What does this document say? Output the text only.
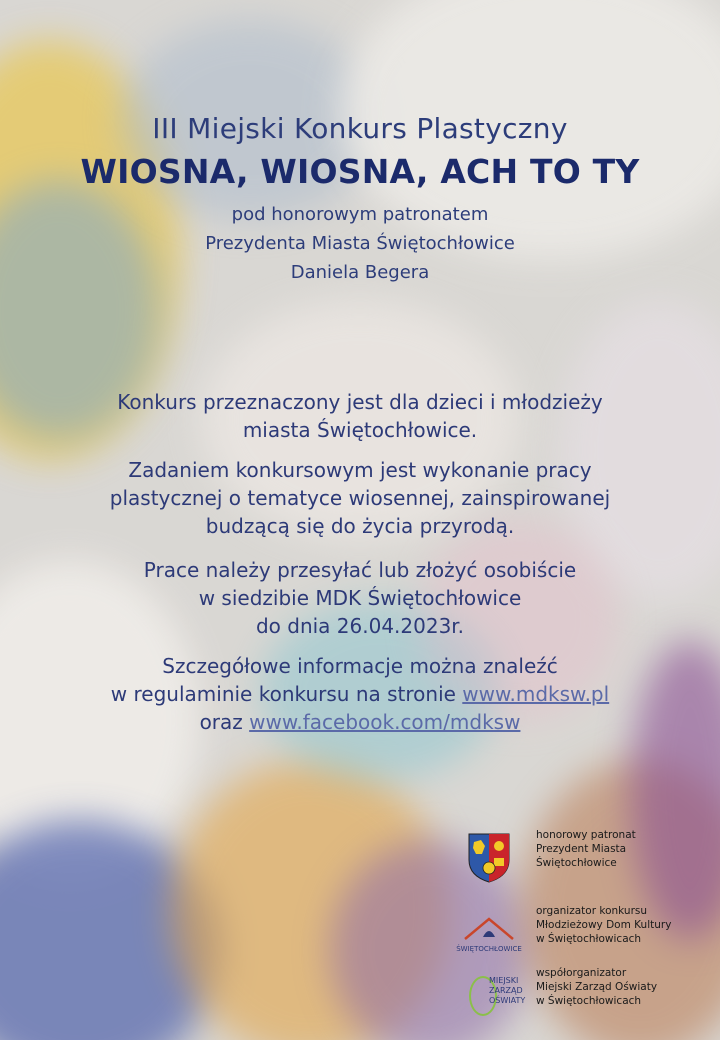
III Miejski Konkurs Plastyczny
WIOSNA, WIOSNA, ACH TO TY
pod honorowym patronatem
Prezydenta Miasta Świętochłowice
Daniela Begera
Konkurs przeznaczony jest dla dzieci i młodzieży
miasta Świętochłowice.
Zadaniem konkursowym jest wykonanie pracy
plastycznej o tematyce wiosennej, zainspirowanej
budzącą się do życia przyrodą.
Prace należy przesyłać lub złożyć osobiście
w siedzibie MDK Świętochłowice
do dnia 26.04.2023r.
Szczegółowe informacje można znaleźć
w regulaminie konkursu na stronie www.mdksw.pl
oraz www.facebook.com/mdksw
honorowy patronat
Prezydent Miasta
Świętochłowice
ŚWIĘTOCHŁOWICE
organizator konkursu
Młodzieżowy Dom Kultury
w Świętochłowicach
MIEJSKI
ZARZĄD
OŚWIATY
współorganizator
Miejski Zarząd Oświaty
w Świętochłowicach
